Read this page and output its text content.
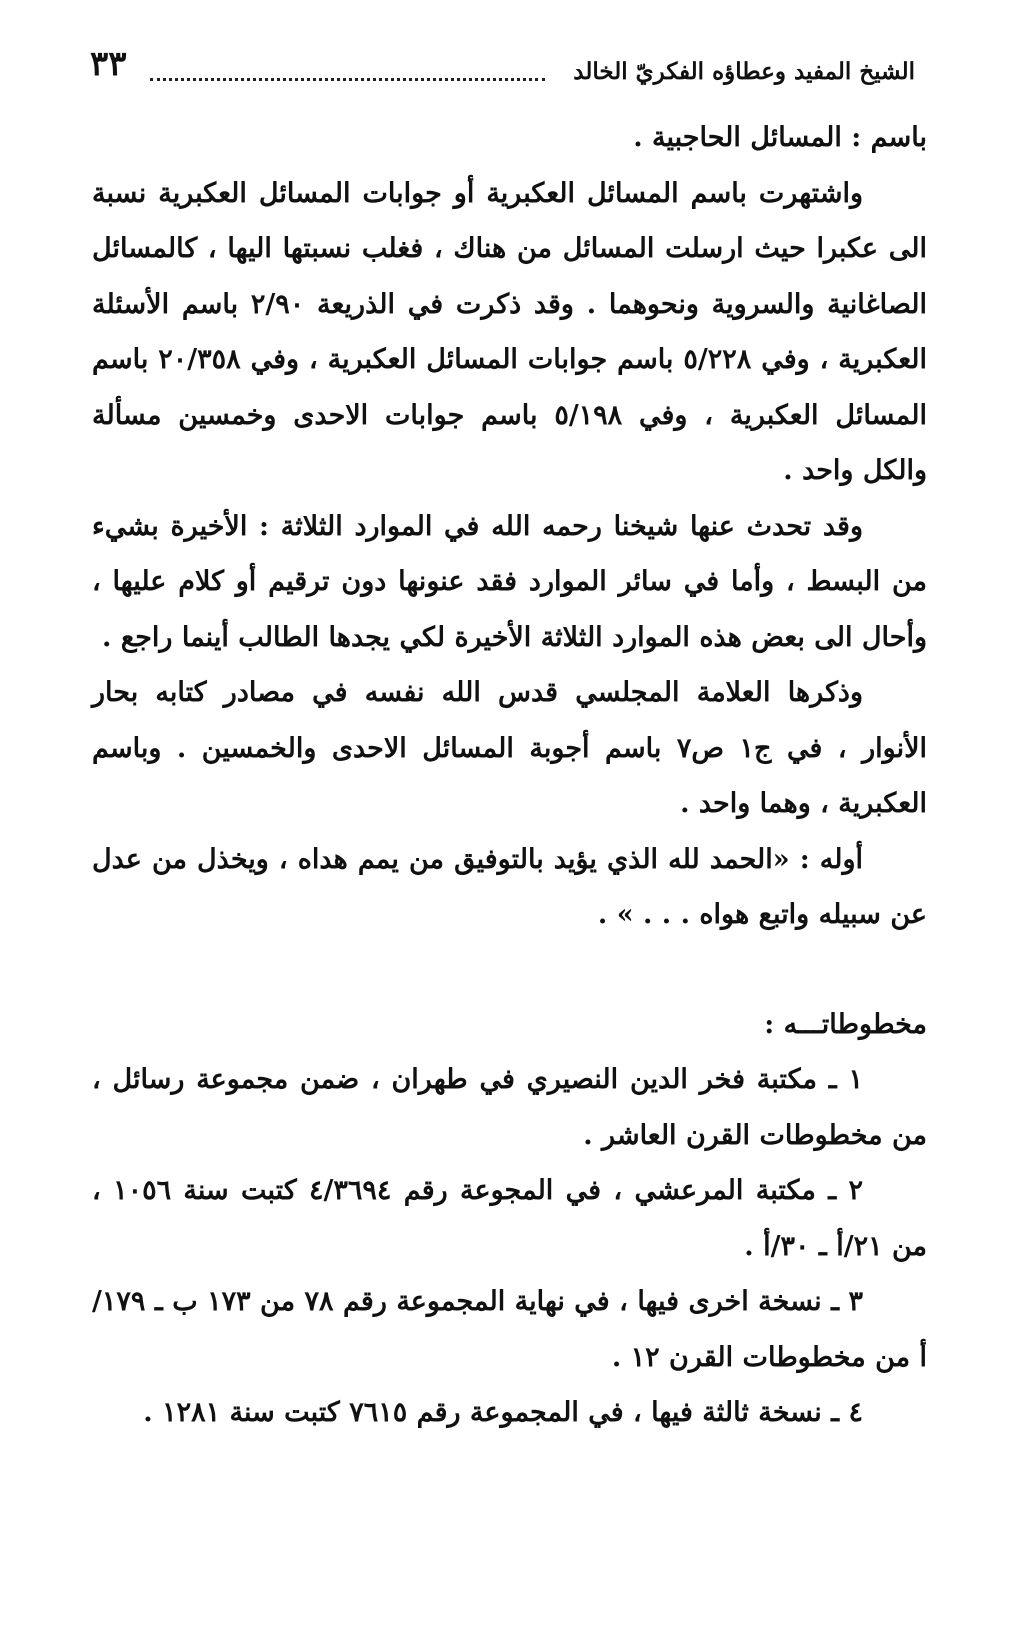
الشيخ المفيد وعطاؤه الفكريّ الخالد
٣٣

باسم : المسائل الحاجبية .

واشتهرت باسم المسائل العكبرية أو جوابات المسائل العكبرية نسبة الى عكبرا حيث ارسلت المسائل من هناك ، فغلب نسبتها اليها ، كالمسائل الصاغانية والسروية ونحوهما . وقد ذكرت في الذريعة ٢/٩٠ باسم الأسئلة العكبرية ، وفي ٥/٢٢٨ باسم جوابات المسائل العكبرية ، وفي ٢٠/٣٥٨ باسم المسائل العكبرية ، وفي ٥/١٩٨ باسم جوابات الاحدى وخمسين مسألة والكل واحد .

وقد تحدث عنها شيخنا رحمه الله في الموارد الثلاثة : الأخيرة بشيء من البسط ، وأما في سائر الموارد فقد عنونها دون ترقيم أو كلام عليها ، وأحال الى بعض هذه الموارد الثلاثة الأخيرة لكي يجدها الطالب أينما راجع .

وذكرها العلامة المجلسي قدس الله نفسه في مصادر كتابه بحار الأنوار ، في ج١ ص٧ باسم أجوبة المسائل الاحدى والخمسين . وباسم العكبرية ، وهما واحد .

أوله : «الحمد لله الذي يؤيد بالتوفيق من يمم هداه ، ويخذل من عدل عن سبيله واتبع هواه . . . » .

مخطوطاتـــه :

١ ـ مكتبة فخر الدين النصيري في طهران ، ضمن مجموعة رسائل ، من مخطوطات القرن العاشر .

٢ ـ مكتبة المرعشي ، في المجوعة رقم ٤/٣٦٩٤ كتبت سنة ١٠٥٦ ، من ٢١/أ ـ ٣٠/أ .

٣ ـ نسخة اخرى فيها ، في نهاية المجموعة رقم ٧٨ من ١٧٣ ب ـ ١٧٩/أ من مخطوطات القرن ١٢ .

٤ ـ نسخة ثالثة فيها ، في المجموعة رقم ٧٦١٥ كتبت سنة ١٢٨١ .
